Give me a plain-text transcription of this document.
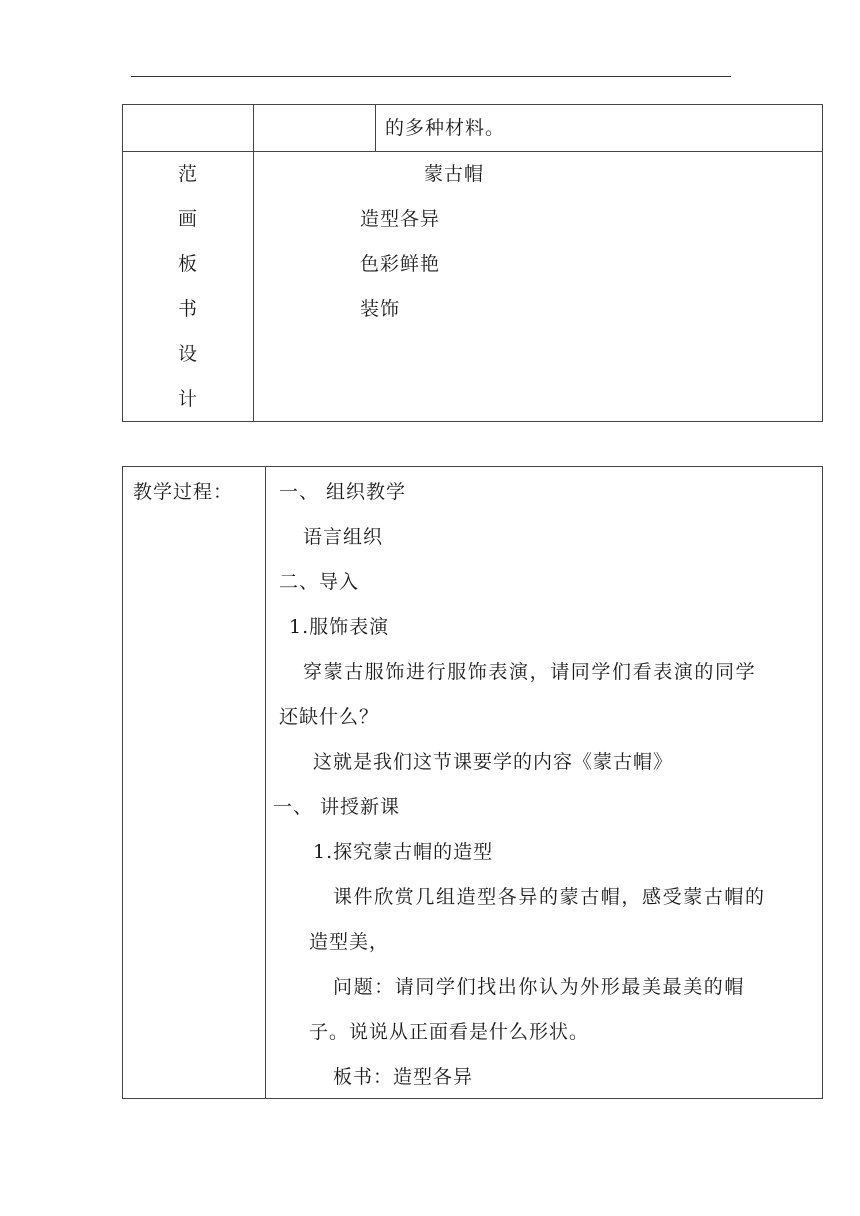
的多种材料。
范
画
板
书
设
计
蒙古帽
造型各异
色彩鲜艳
装饰
教学过程： 一、 组织教学
语言组织
二、导入
1.服饰表演
穿蒙古服饰进行服饰表演，请同学们看表演的同学
还缺什么？
这就是我们这节课要学的内容《蒙古帽》
一、 讲授新课
1.探究蒙古帽的造型
课件欣赏几组造型各异的蒙古帽，感受蒙古帽的
造型美，
问题：请同学们找出你认为外形最美最美的帽
子。说说从正面看是什么形状。
板书：造型各异
